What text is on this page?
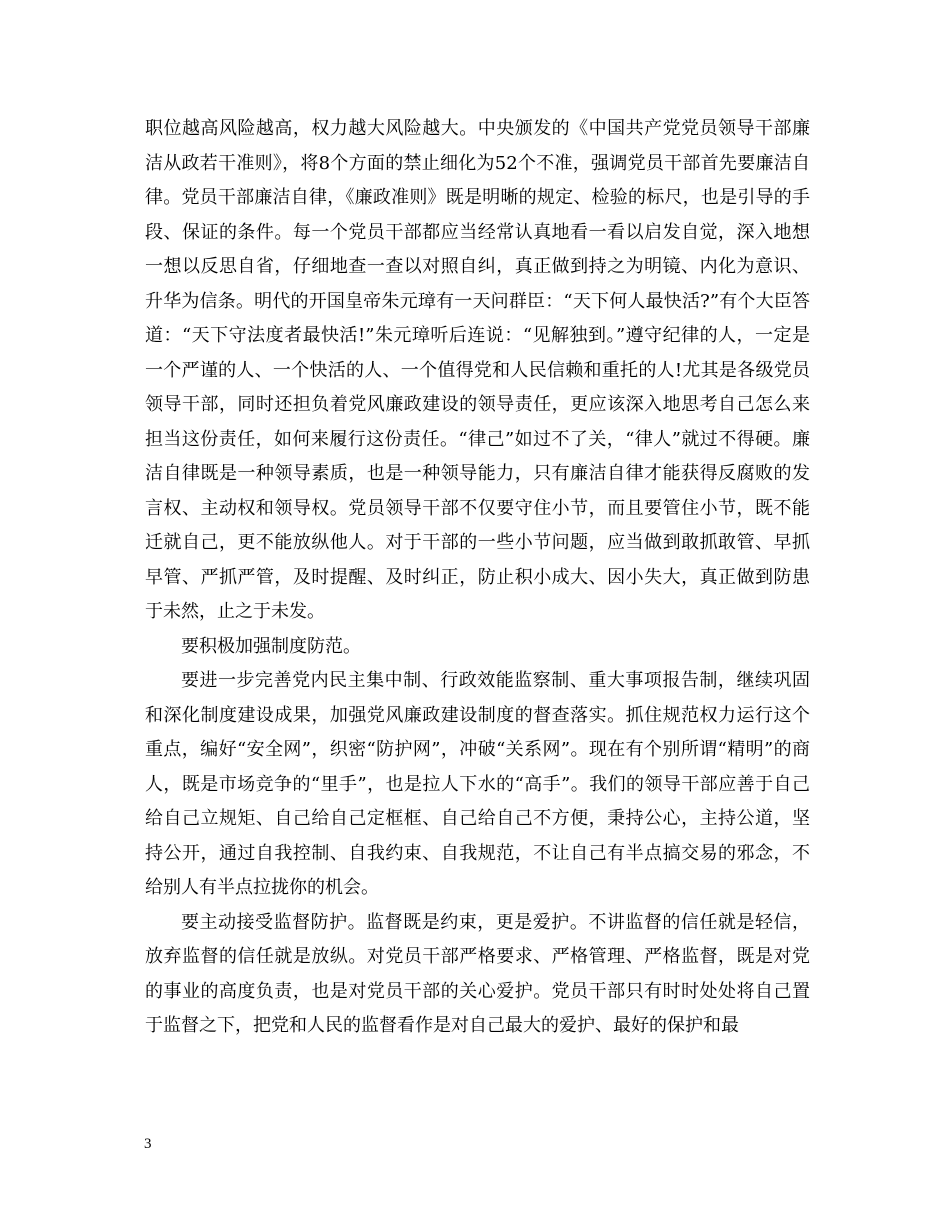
职位越高风险越高，权力越大风险越大。中央颁发的《中国共产党党员领导干部廉洁从政若干准则》，将8个方面的禁止细化为52个不准，强调党员干部首先要廉洁自律。党员干部廉洁自律，《廉政准则》既是明晰的规定、检验的标尺，也是引导的手段、保证的条件。每一个党员干部都应当经常认真地看一看以启发自觉，深入地想一想以反思自省，仔细地查一查以对照自纠，真正做到持之为明镜、内化为意识、升华为信条。明代的开国皇帝朱元璋有一天问群臣：“天下何人最快活?”有个大臣答道：“天下守法度者最快活!”朱元璋听后连说：“见解独到。”遵守纪律的人，一定是一个严谨的人、一个快活的人、一个值得党和人民信赖和重托的人!尤其是各级党员领导干部，同时还担负着党风廉政建设的领导责任，更应该深入地思考自己怎么来担当这份责任，如何来履行这份责任。“律己”如过不了关，“律人”就过不得硬。廉洁自律既是一种领导素质，也是一种领导能力，只有廉洁自律才能获得反腐败的发言权、主动权和领导权。党员领导干部不仅要守住小节，而且要管住小节，既不能迁就自己，更不能放纵他人。对于干部的一些小节问题，应当做到敢抓敢管、早抓早管、严抓严管，及时提醒、及时纠正，防止积小成大、因小失大，真正做到防患于未然，止之于未发。

要积极加强制度防范。

要进一步完善党内民主集中制、行政效能监察制、重大事项报告制，继续巩固和深化制度建设成果，加强党风廉政建设制度的督查落实。抓住规范权力运行这个重点，编好“安全网”，织密“防护网”，冲破“关系网”。现在有个别所谓“精明”的商人，既是市场竞争的“里手”，也是拉人下水的“高手”。我们的领导干部应善于自己给自己立规矩、自己给自己定框框、自己给自己不方便，秉持公心，主持公道，坚持公开，通过自我控制、自我约束、自我规范，不让自己有半点搞交易的邪念，不给别人有半点拉拢你的机会。

要主动接受监督防护。监督既是约束，更是爱护。不讲监督的信任就是轻信，放弃监督的信任就是放纵。对党员干部严格要求、严格管理、严格监督，既是对党的事业的高度负责，也是对党员干部的关心爱护。党员干部只有时时处处将自己置于监督之下，把党和人民的监督看作是对自己最大的爱护、最好的保护和最

3
